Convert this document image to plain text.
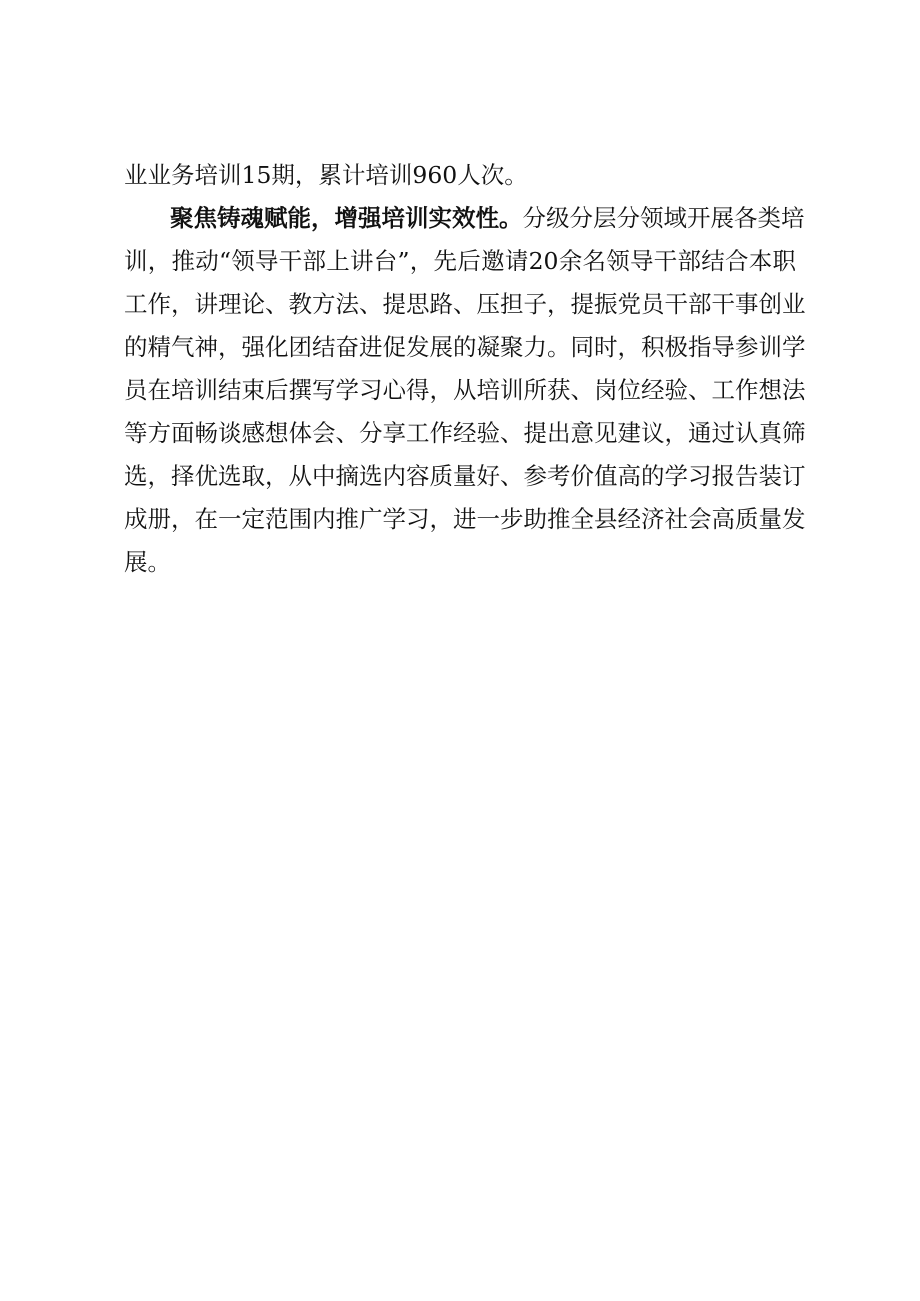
业业务培训15期，累计培训960人次。
聚焦铸魂赋能，增强培训实效性。分级分层分领域开展各类培
训，推动“领导干部上讲台”，先后邀请20余名领导干部结合本职
工作，讲理论、教方法、提思路、压担子，提振党员干部干事创业
的精气神，强化团结奋进促发展的凝聚力。同时，积极指导参训学
员在培训结束后撰写学习心得，从培训所获、岗位经验、工作想法
等方面畅谈感想体会、分享工作经验、提出意见建议，通过认真筛
选，择优选取，从中摘选内容质量好、参考价值高的学习报告装订
成册，在一定范围内推广学习，进一步助推全县经济社会高质量发
展。
